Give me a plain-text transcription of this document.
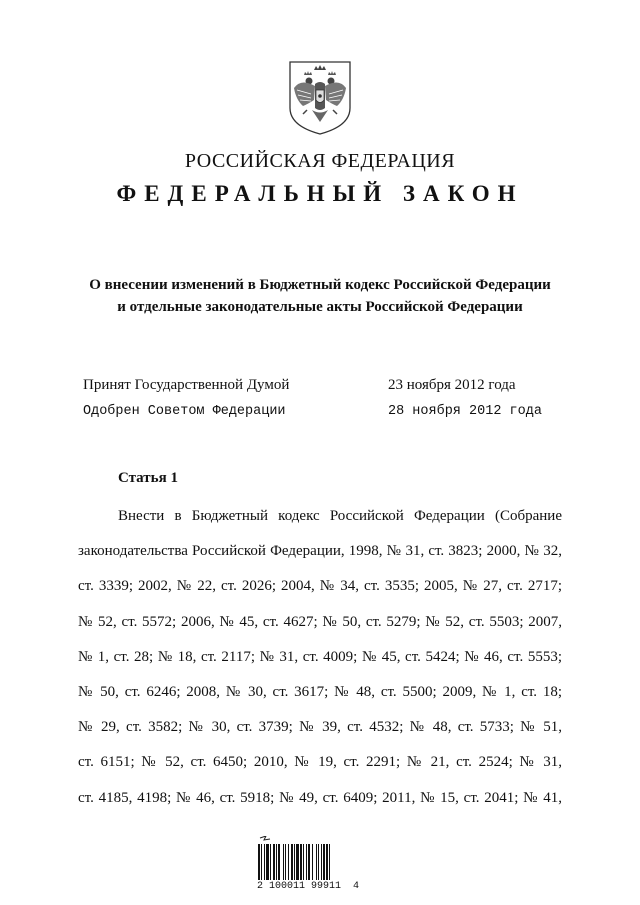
РОССИЙСКАЯ ФЕДЕРАЦИЯ
ФЕДЕРАЛЬНЫЙ ЗАКОН
О внесении изменений в Бюджетный кодекс Российской Федерации
и отдельные законодательные акты Российской Федерации
Принят Государственной Думой	23 ноября 2012 года
Одобрен Советом Федерации	28 ноября 2012 года
Статья 1
Внести в Бюджетный кодекс Российской Федерации (Собрание
законодательства Российской Федерации, 1998, № 31, ст. 3823; 2000, № 32,
ст. 3339; 2002, № 22, ст. 2026; 2004, № 34, ст. 3535; 2005, № 27, ст. 2717;
№ 52, ст. 5572; 2006, № 45, ст. 4627; № 50, ст. 5279; № 52, ст. 5503; 2007,
№ 1, ст. 28; № 18, ст. 2117; № 31, ст. 4009; № 45, ст. 5424; № 46, ст. 5553;
№ 50, ст. 6246; 2008, № 30, ст. 3617; № 48, ст. 5500; 2009, № 1, ст. 18;
№ 29, ст. 3582; № 30, ст. 3739; № 39, ст. 4532; № 48, ст. 5733; № 51,
ст. 6151; № 52, ст. 6450; 2010, № 19, ст. 2291; № 21, ст. 2524; № 31,
ст. 4185, 4198; № 46, ст. 5918; № 49, ст. 6409; 2011, № 15, ст. 2041; № 41,
2 100011 99911  4
